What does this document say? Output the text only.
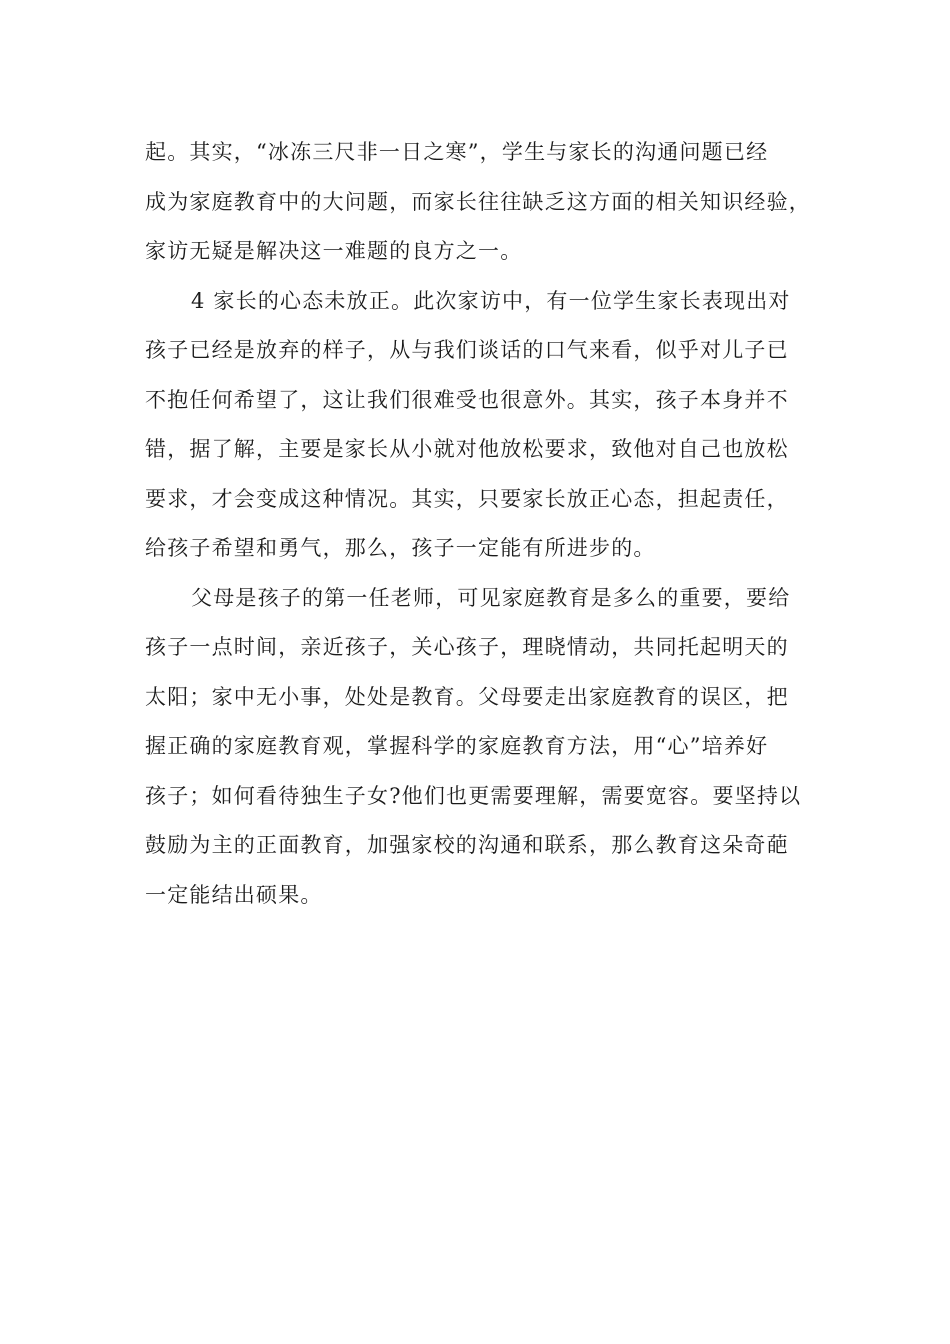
起。其实，“冰冻三尺非一日之寒”，学生与家长的沟通问题已经
成为家庭教育中的大问题，而家长往往缺乏这方面的相关知识经验，
家访无疑是解决这一难题的良方之一。
4 家长的心态未放正。此次家访中，有一位学生家长表现出对
孩子已经是放弃的样子，从与我们谈话的口气来看，似乎对儿子已
不抱任何希望了，这让我们很难受也很意外。其实，孩子本身并不
错，据了解，主要是家长从小就对他放松要求，致他对自己也放松
要求，才会变成这种情况。其实，只要家长放正心态，担起责任，
给孩子希望和勇气，那么，孩子一定能有所进步的。
父母是孩子的第一任老师，可见家庭教育是多么的重要，要给
孩子一点时间，亲近孩子，关心孩子，理晓情动，共同托起明天的
太阳；家中无小事，处处是教育。父母要走出家庭教育的误区，把
握正确的家庭教育观，掌握科学的家庭教育方法，用“心”培养好
孩子；如何看待独生子女?他们也更需要理解，需要宽容。要坚持以
鼓励为主的正面教育，加强家校的沟通和联系，那么教育这朵奇葩
一定能结出硕果。
